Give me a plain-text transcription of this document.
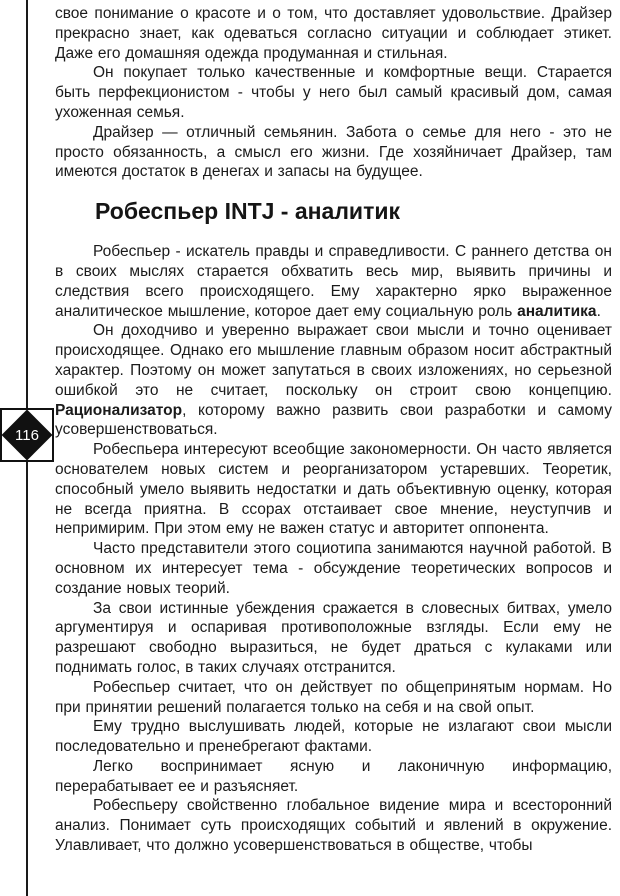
116

свое понимание о красоте и о том, что доставляет удовольствие. Драйзер прекрасно знает, как одеваться согласно ситуации и соблюдает этикет. Даже его домашняя одежда продуманная и стильная.

Он покупает только качественные и комфортные вещи. Старается быть перфекционистом - чтобы у него был самый красивый дом, самая ухоженная семья.

Драйзер — отличный семьянин. Забота о семье для него - это не просто обязанность, а смысл его жизни. Где хозяйничает Драйзер, там имеются достаток в денегах и запасы на будущее.

Робеспьер INTJ - аналитик

Робеспьер - искатель правды и справедливости. С раннего детства он в своих мыслях старается обхватить весь мир, выявить причины и следствия всего происходящего. Ему характерно ярко выраженное аналитическое мышление, которое дает ему социальную роль аналитика.

Он доходчиво и уверенно выражает свои мысли и точно оценивает происходящее. Однако его мышление главным образом носит абстрактный характер. Поэтому он может запутаться в своих изложениях, но серьезной ошибкой это не считает, поскольку он строит свою концепцию. Рационализатор, которому важно развить свои разработки и самому усовершенствоваться.

Робеспьера интересуют всеобщие закономерности. Он часто является основателем новых систем и реорганизатором устаревших. Теоретик, способный умело выявить недостатки и дать объективную оценку, которая не всегда приятна. В ссорах отстаивает свое мнение, неуступчив и непримирим. При этом ему не важен статус и авторитет оппонента.

Часто представители этого социотипа занимаются научной работой. В основном их интересует тема - обсуждение теоретических вопросов и создание новых теорий.

За свои истинные убеждения сражается в словесных битвах, умело аргументируя и оспаривая противоположные взгляды. Если ему не разрешают свободно выразиться, не будет драться с кулаками или поднимать голос, в таких случаях отстранится.

Робеспьер считает, что он действует по общепринятым нормам. Но при принятии решений полагается только на себя и на свой опыт.

Ему трудно выслушивать людей, которые не излагают свои мысли последовательно и пренебрегают фактами.

Легко воспринимает ясную и лаконичную информацию, перерабатывает ее и разъясняет.

Робеспьеру свойственно глобальное видение мира и всесторонний анализ. Понимает суть происходящих событий и явлений в окружение. Улавливает, что должно усовершенствоваться в обществе, чтобы
